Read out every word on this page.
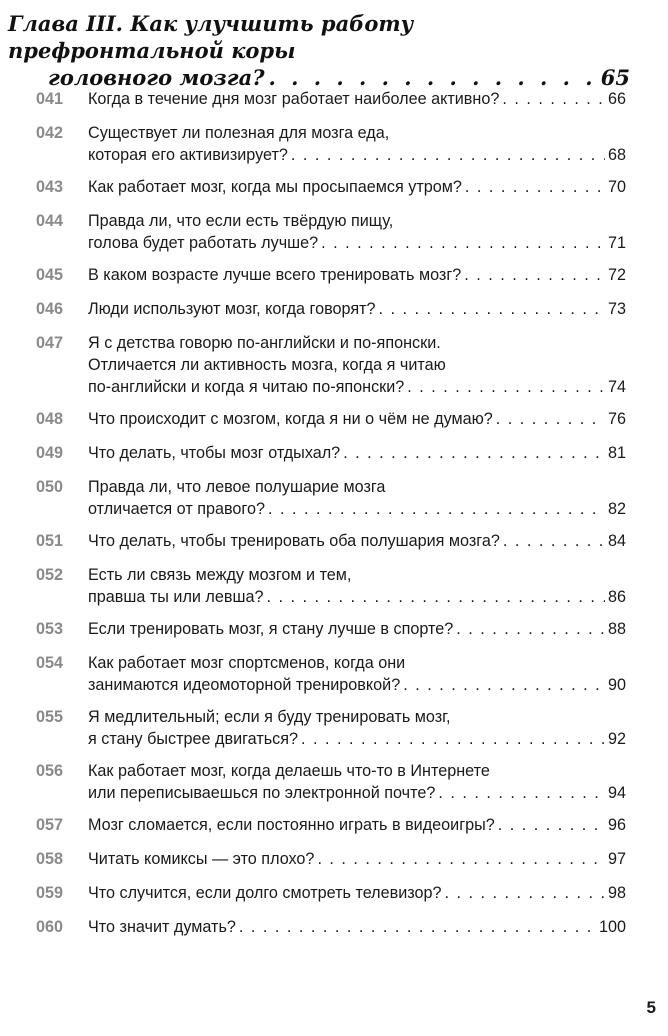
Глава III. Как улучшить работу префронтальной коры
головного мозга? . . .	65
041	Когда в течение дня мозг работает наиболее активно? . . .	66
042	Существует ли полезная для мозга еда,
которая его активизирует? . . .	68
043	Как работает мозг, когда мы просыпаемся утром? . . .	70
044	Правда ли, что если есть твёрдую пищу,
голова будет работать лучше? . . .	71
045	В каком возрасте лучше всего тренировать мозг? . . .	72
046	Люди используют мозг, когда говорят? . . .	73
047	Я с детства говорю по-английски и по-японски.
Отличается ли активность мозга, когда я читаю
по-английски и когда я читаю по-японски? . . .	74
048	Что происходит с мозгом, когда я ни о чём не думаю? . . .	76
049	Что делать, чтобы мозг отдыхал? . . .	81
050	Правда ли, что левое полушарие мозга
отличается от правого? . . .	82
051	Что делать, чтобы тренировать оба полушария мозга? . . .	84
052	Есть ли связь между мозгом и тем,
правша ты или левша? . . .	86
053	Если тренировать мозг, я стану лучше в спорте? . . .	88
054	Как работает мозг спортсменов, когда они
занимаются идеомоторной тренировкой? . . .	90
055	Я медлительный; если я буду тренировать мозг,
я стану быстрее двигаться? . . .	92
056	Как работает мозг, когда делаешь что-то в Интернете
или переписываешься по электронной почте? . . .	94
057	Мозг сломается, если постоянно играть в видеоигры? . . .	96
058	Читать комиксы — это плохо? . . .	97
059	Что случится, если долго смотреть телевизор? . . .	98
060	Что значит думать? . . .	100
5
